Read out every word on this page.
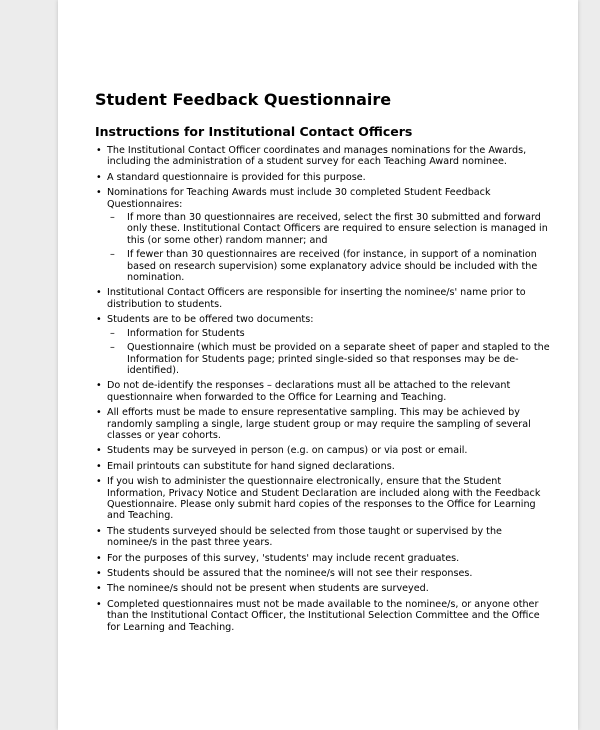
Student Feedback Questionnaire
Instructions for Institutional Contact Officers
• The Institutional Contact Officer coordinates and manages nominations for the Awards, including the administration of a student survey for each Teaching Award nominee.
• A standard questionnaire is provided for this purpose.
• Nominations for Teaching Awards must include 30 completed Student Feedback Questionnaires:
– If more than 30 questionnaires are received, select the first 30 submitted and forward only these. Institutional Contact Officers are required to ensure selection is managed in this (or some other) random manner; and
– If fewer than 30 questionnaires are received (for instance, in support of a nomination based on research supervision) some explanatory advice should be included with the nomination.
• Institutional Contact Officers are responsible for inserting the nominee/s' name prior to distribution to students.
• Students are to be offered two documents:
– Information for Students
– Questionnaire (which must be provided on a separate sheet of paper and stapled to the Information for Students page; printed single-sided so that responses may be de-identified).
• Do not de-identify the responses – declarations must all be attached to the relevant questionnaire when forwarded to the Office for Learning and Teaching.
• All efforts must be made to ensure representative sampling. This may be achieved by randomly sampling a single, large student group or may require the sampling of several classes or year cohorts.
• Students may be surveyed in person (e.g. on campus) or via post or email.
• Email printouts can substitute for hand signed declarations.
• If you wish to administer the questionnaire electronically, ensure that the Student Information, Privacy Notice and Student Declaration are included along with the Feedback Questionnaire. Please only submit hard copies of the responses to the Office for Learning and Teaching.
• The students surveyed should be selected from those taught or supervised by the nominee/s in the past three years.
• For the purposes of this survey, 'students' may include recent graduates.
• Students should be assured that the nominee/s will not see their responses.
• The nominee/s should not be present when students are surveyed.
• Completed questionnaires must not be made available to the nominee/s, or anyone other than the Institutional Contact Officer, the Institutional Selection Committee and the Office for Learning and Teaching.
